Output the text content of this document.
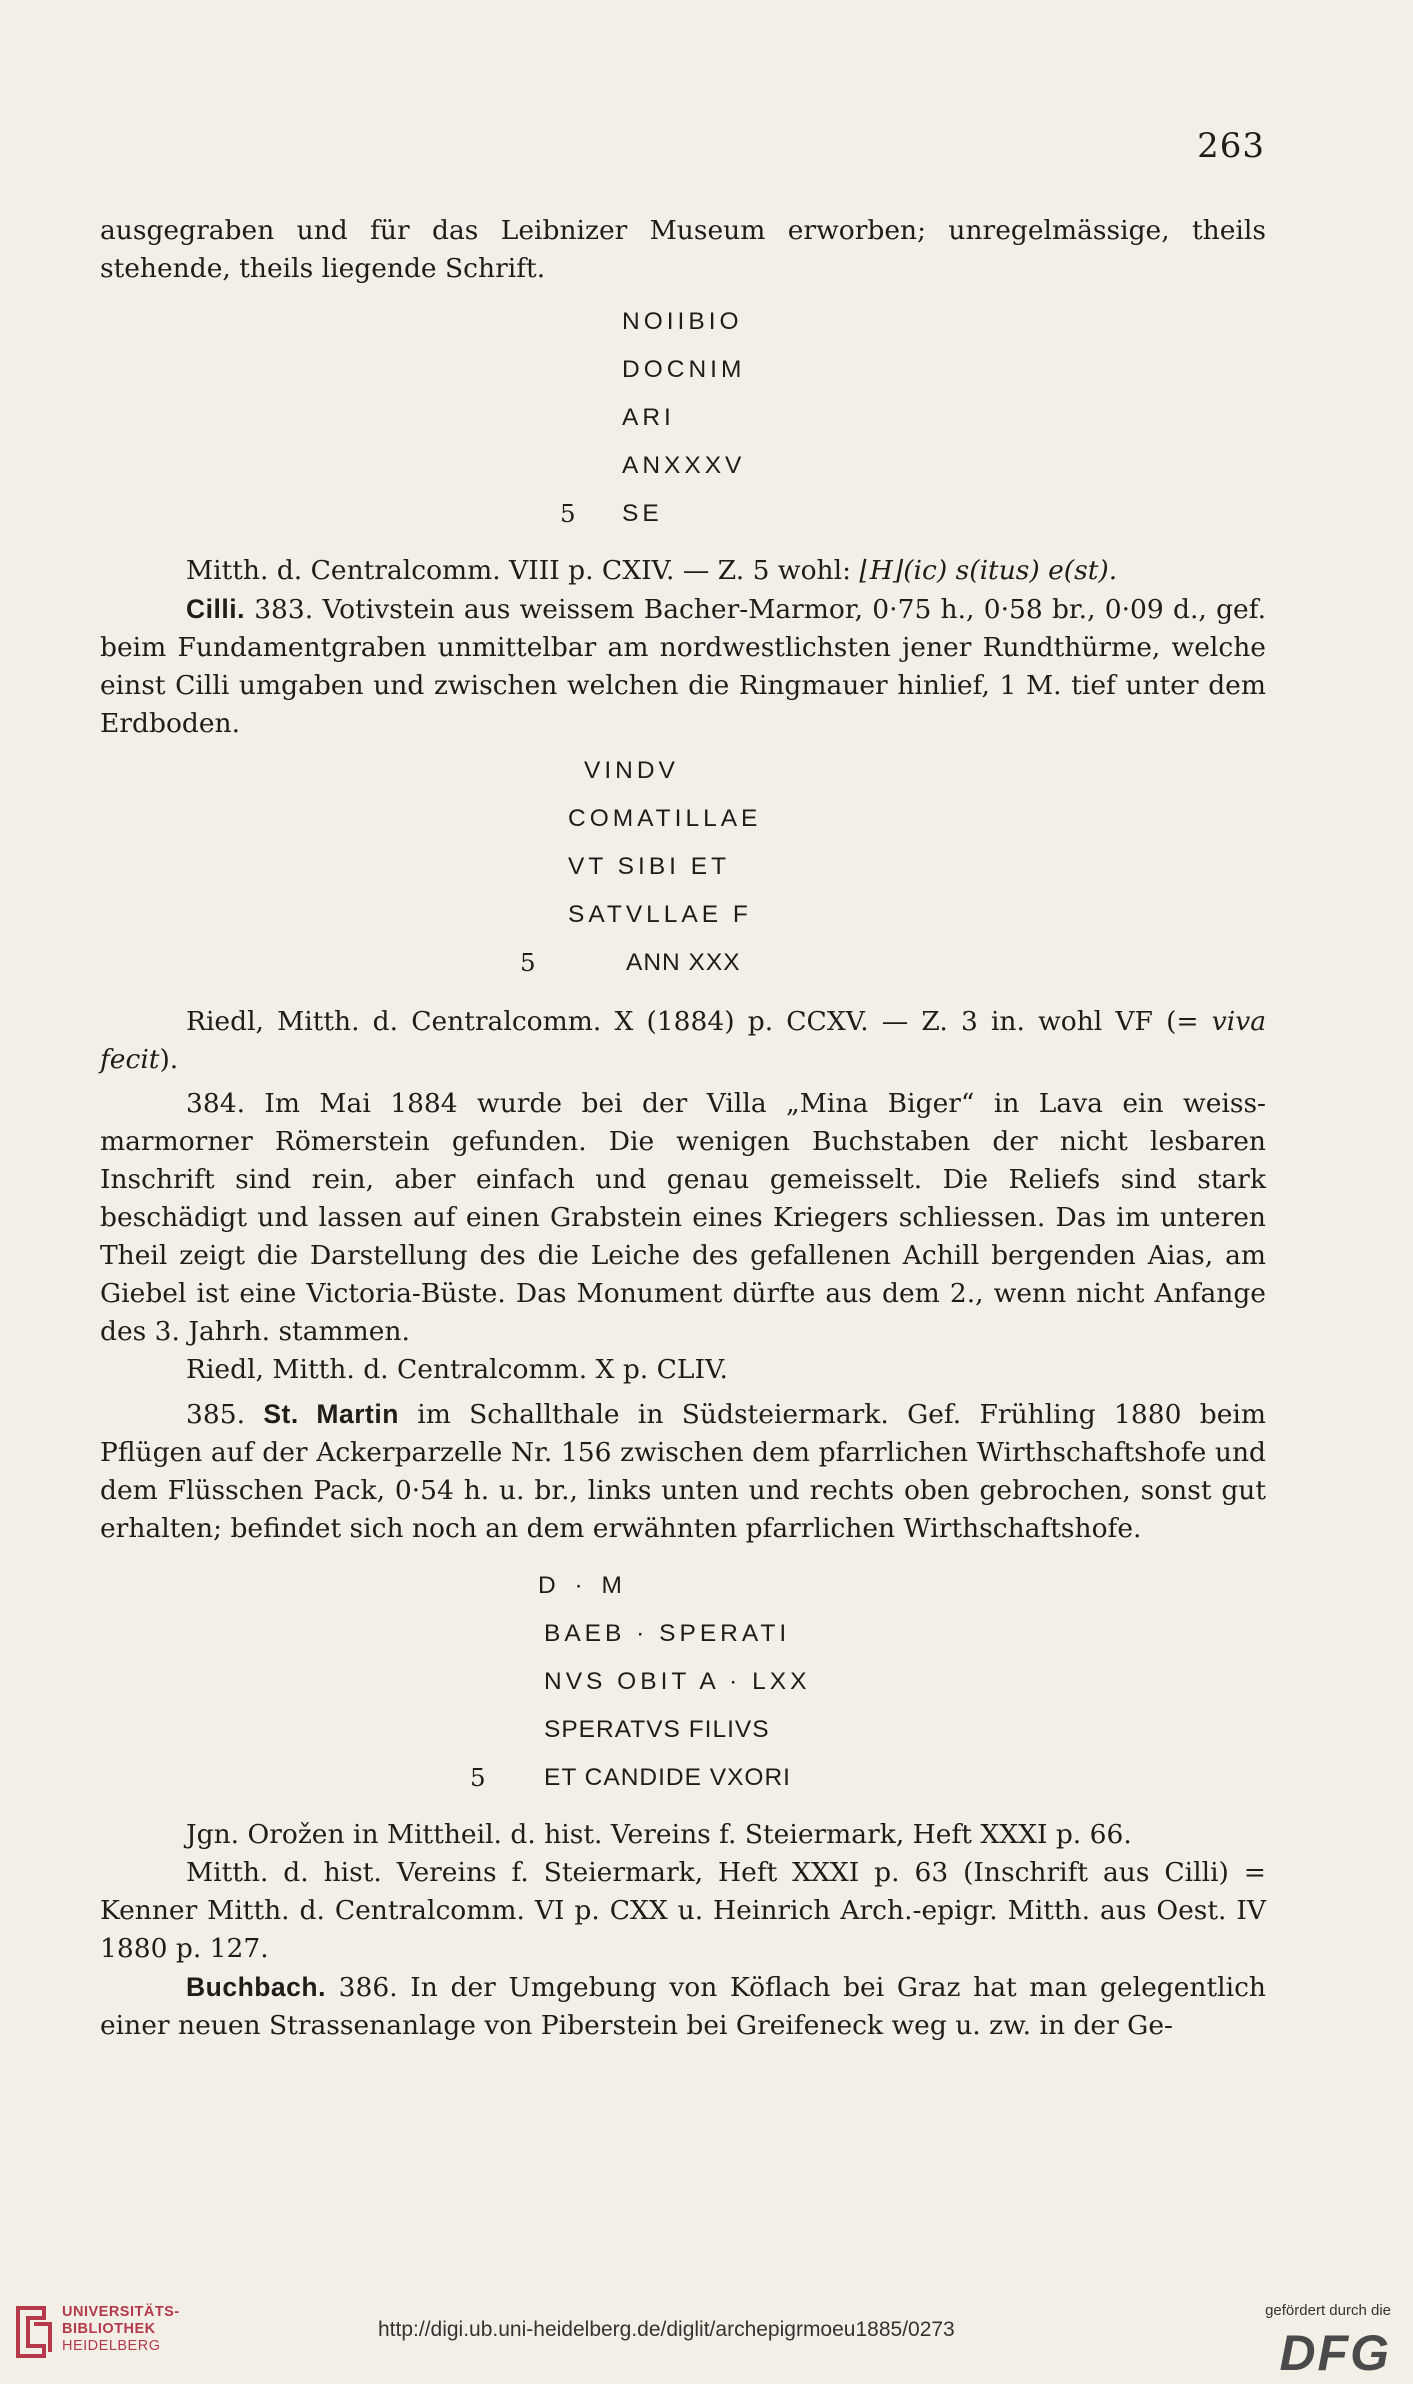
263

ausgegraben und für das Leibnizer Museum erworben; unregelmässige, theils stehende, theils liegende Schrift.

NOIIBIO
DOCNIM
ARI
ANXXXV
5 SE

Mitth. d. Centralcomm. VIII p. CXIV. — Z. 5 wohl: ⌊H⌋(ic) s(itus) e(st).

Cilli. 383. Votivstein aus weissem Bacher-Marmor, 0·75 h., 0·58 br., 0·09 d., gef. beim Fundamentgraben unmittelbar am nordwestlichsten jener Rundthürme, welche einst Cilli umgaben und zwischen welchen die Ringmauer hinlief, 1 M. tief unter dem Erdboden.

VINDV
COMATILLAE
VT SIBI ET
SATVLLAE F
5	ANN XXX

Riedl, Mitth. d. Centralcomm. X (1884) p. CCXV. — Z. 3 in. wohl VF (= viva fecit).

384. Im Mai 1884 wurde bei der Villa „Mina Biger“ in Lava ein weiss-marmorner Römerstein gefunden. Die wenigen Buchstaben der nicht lesbaren Inschrift sind rein, aber einfach und genau gemeisselt. Die Reliefs sind stark beschädigt und lassen auf einen Grabstein eines Kriegers schliessen. Das im unteren Theil zeigt die Darstellung des die Leiche des gefallenen Achill bergenden Aias, am Giebel ist eine Victoria-Büste. Das Monument dürfte aus dem 2., wenn nicht Anfange des 3. Jahrh. stammen.

Riedl, Mitth. d. Centralcomm. X p. CLIV.

385. St. Martin im Schallthale in Südsteiermark. Gef. Frühling 1880 beim Pflügen auf der Ackerparzelle Nr. 156 zwischen dem pfarrlichen Wirthschaftshofe und dem Flüsschen Pack, 0·54 h. u. br., links unten und rechts oben gebrochen, sonst gut erhalten; befindet sich noch an dem erwähnten pfarrlichen Wirthschaftshofe.

D · M
BAEB · SPERATI
NVS OBIT A · LXX
SPERATVS FILIVS
5 ET CANDIDE VXORI

Jgn. Orožen in Mittheil. d. hist. Vereins f. Steiermark, Heft XXXI p. 66.

Mitth. d. hist. Vereins f. Steiermark, Heft XXXI p. 63 (Inschrift aus Cilli) = Kenner Mitth. d. Centralcomm. VI p. CXX u. Heinrich Arch.-epigr. Mitth. aus Oest. IV 1880 p. 127.

Buchbach. 386. In der Umgebung von Köflach bei Graz hat man gelegentlich einer neuen Strassenanlage von Piberstein bei Greifeneck weg u. zw. in der Ge-

UNIVERSITÄTS-
BIBLIOTHEK
HEIDELBERG
http://digi.ub.uni-heidelberg.de/diglit/archepigrmoeu1885/0273
gefördert durch die
DFG
